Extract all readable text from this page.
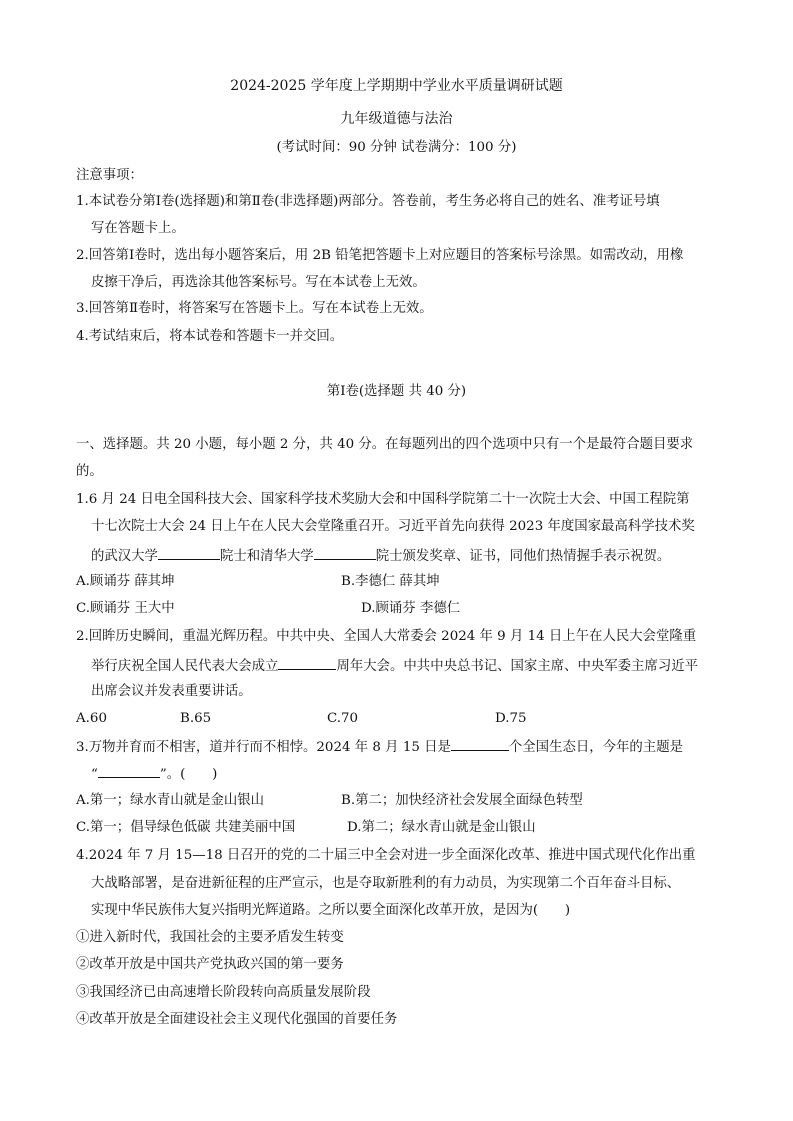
2024-2025 学年度上学期期中学业水平质量调研试题
九年级道德与法治
(考试时间：90 分钟 试卷满分：100 分)
注意事项：
1.本试卷分第Ⅰ卷(选择题)和第Ⅱ卷(非选择题)两部分。答卷前，考生务必将自己的姓名、准考证号填
写在答题卡上。
2.回答第Ⅰ卷时，选出每小题答案后，用 2B 铅笔把答题卡上对应题目的答案标号涂黑。如需改动，用橡
皮擦干净后，再选涂其他答案标号。写在本试卷上无效。
3.回答第Ⅱ卷时，将答案写在答题卡上。写在本试卷上无效。
4.考试结束后，将本试卷和答题卡一并交回。
第Ⅰ卷(选择题 共 40 分)
一、选择题。共 20 小题，每小题 2 分，共 40 分。在每题列出的四个选项中只有一个是最符合题目要求
的。
1.6 月 24 日电全国科技大会、国家科学技术奖励大会和中国科学院第二十一次院士大会、中国工程院第
十七次院士大会 24 日上午在人民大会堂隆重召开。习近平首先向获得 2023 年度国家最高科学技术奖
的武汉大学	院士和清华大学	院士颁发奖章、证书，同他们热情握手表示祝贺。
A.顾诵芬 薛其坤	B.李德仁 薛其坤
C.顾诵芬 王大中	D.顾诵芬 李德仁
2.回眸历史瞬间，重温光辉历程。中共中央、全国人大常委会 2024 年 9 月 14 日上午在人民大会堂隆重
举行庆祝全国人民代表大会成立	周年大会。中共中央总书记、国家主席、中央军委主席习近平
出席会议并发表重要讲话。
A.60	B.65	C.70	D.75
3.万物并育而不相害，道并行而不相悖。2024 年 8 月 15 日是	个全国生态日，今年的主题是
“	”。(　　)
A.第一；绿水青山就是金山银山	B.第二；加快经济社会发展全面绿色转型
C.第一；倡导绿色低碳 共建美丽中国	D.第二；绿水青山就是金山银山
4.2024 年 7 月 15—18 日召开的党的二十届三中全会对进一步全面深化改革、推进中国式现代化作出重
大战略部署，是奋进新征程的庄严宣示，也是夺取新胜利的有力动员，为实现第二个百年奋斗目标、
实现中华民族伟大复兴指明光辉道路。之所以要全面深化改革开放，是因为(　　)
①进入新时代，我国社会的主要矛盾发生转变
②改革开放是中国共产党执政兴国的第一要务
③我国经济已由高速增长阶段转向高质量发展阶段
④改革开放是全面建设社会主义现代化强国的首要任务
